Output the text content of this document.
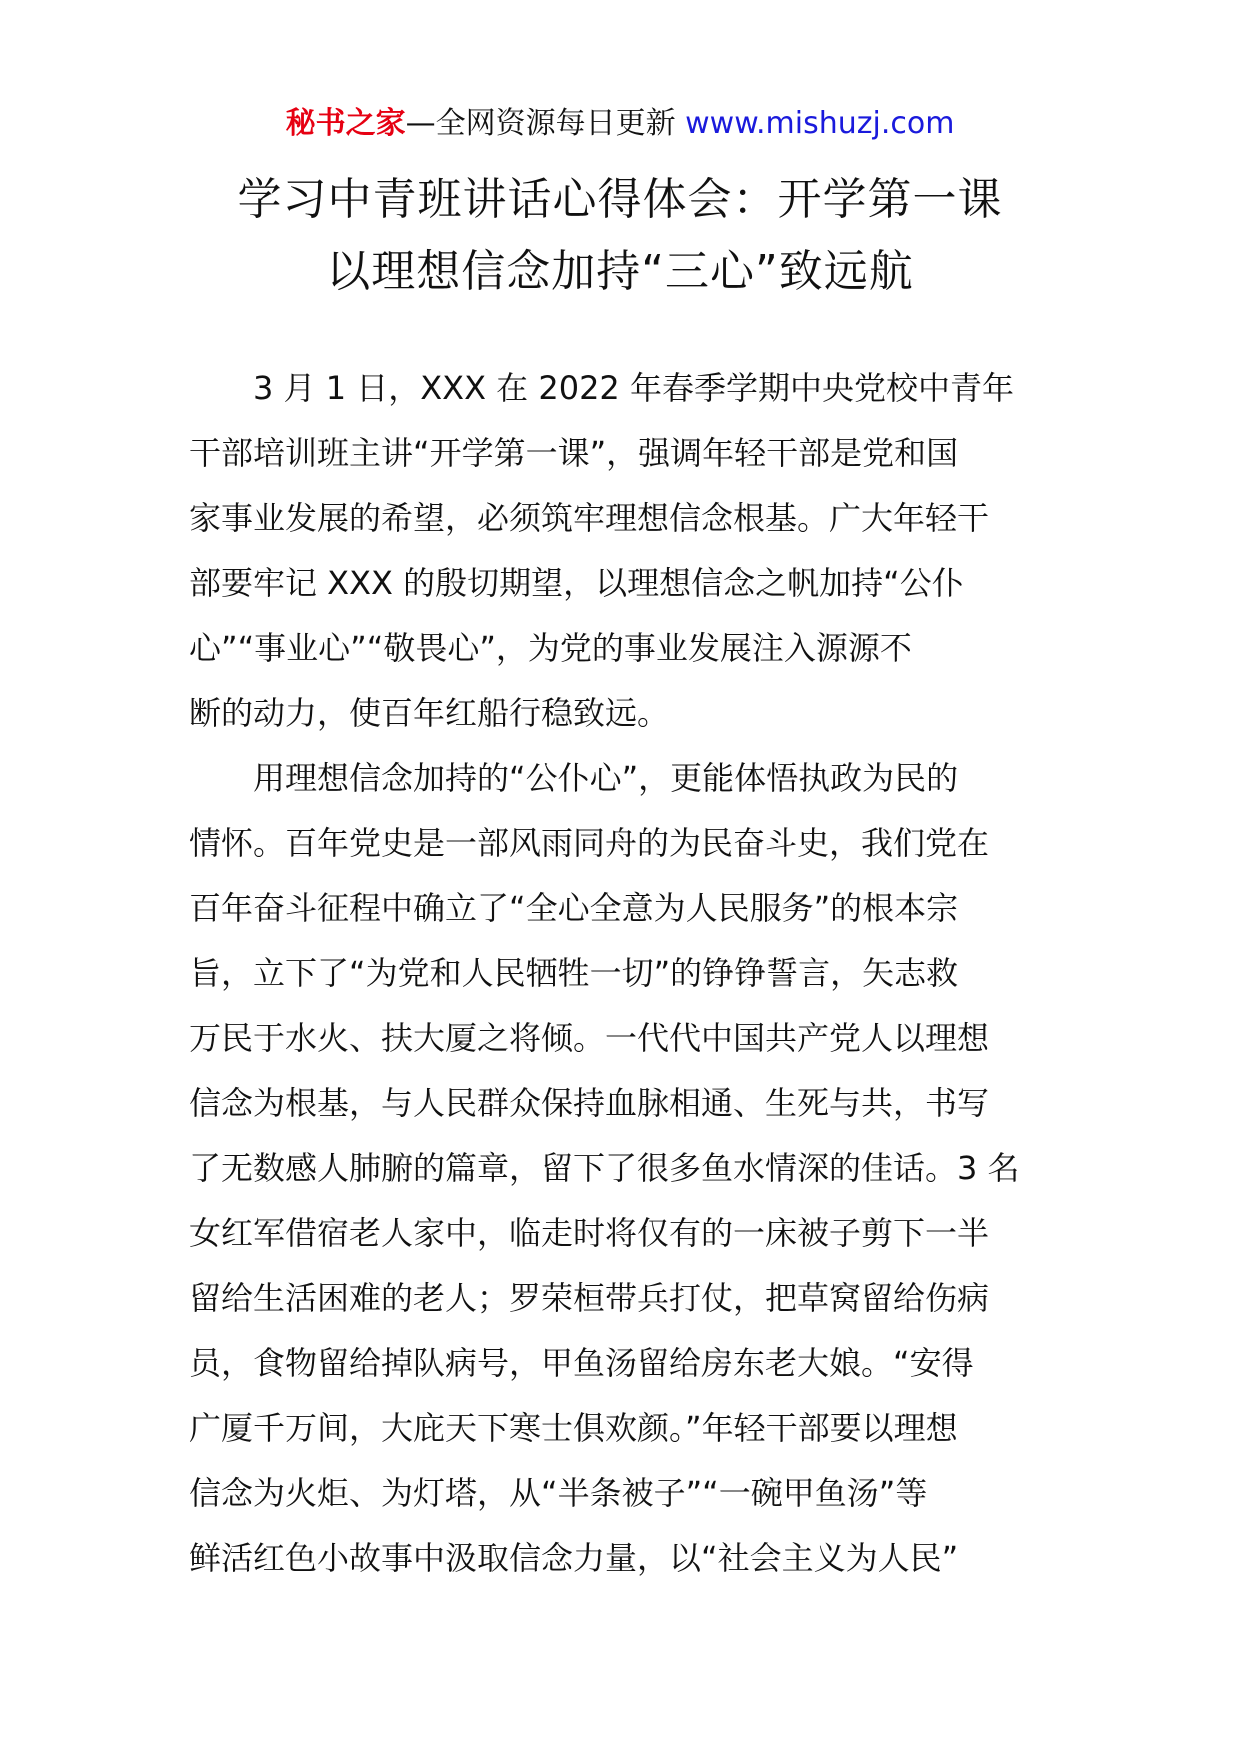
秘书之家—全网资源每日更新 www.mishuzj.com
学习中青班讲话心得体会：开学第一课
以理想信念加持“三心”致远航
3 月 1 日，XXX 在 2022 年春季学期中央党校中青年
干部培训班主讲“开学第一课”，强调年轻干部是党和国
家事业发展的希望，必须筑牢理想信念根基。广大年轻干
部要牢记 XXX 的殷切期望，以理想信念之帆加持“公仆
心”“事业心”“敬畏心”，为党的事业发展注入源源不
断的动力，使百年红船行稳致远。
用理想信念加持的“公仆心”，更能体悟执政为民的
情怀。百年党史是一部风雨同舟的为民奋斗史，我们党在
百年奋斗征程中确立了“全心全意为人民服务”的根本宗
旨，立下了“为党和人民牺牲一切”的铮铮誓言，矢志救
万民于水火、扶大厦之将倾。一代代中国共产党人以理想
信念为根基，与人民群众保持血脉相通、生死与共，书写
了无数感人肺腑的篇章，留下了很多鱼水情深的佳话。3 名
女红军借宿老人家中，临走时将仅有的一床被子剪下一半
留给生活困难的老人；罗荣桓带兵打仗，把草窝留给伤病
员，食物留给掉队病号，甲鱼汤留给房东老大娘。“安得
广厦千万间，大庇天下寒士俱欢颜。”年轻干部要以理想
信念为火炬、为灯塔，从“半条被子”“一碗甲鱼汤”等
鲜活红色小故事中汲取信念力量，以“社会主义为人民”
